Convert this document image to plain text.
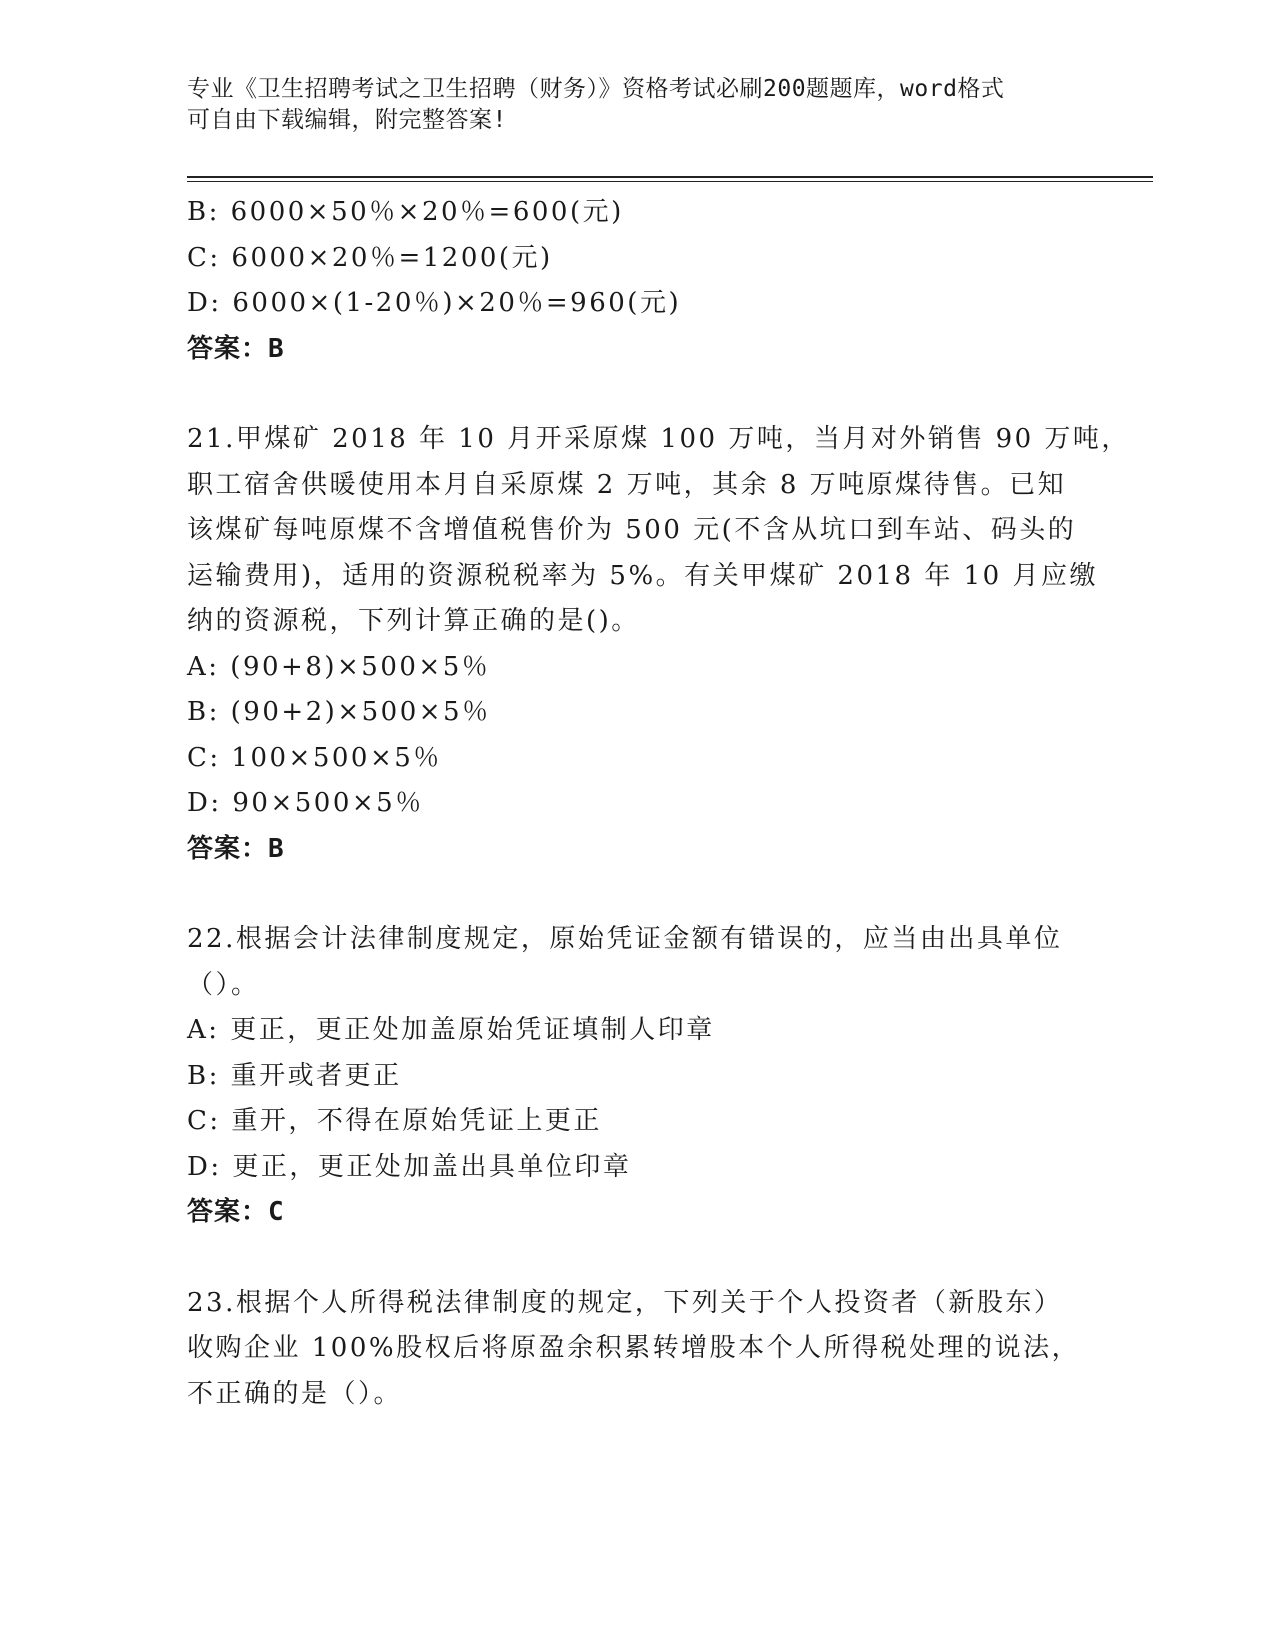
专业《卫生招聘考试之卫生招聘（财务）》资格考试必刷200题题库，word格式
可自由下载编辑，附完整答案!
B: 6000×50％×20％=600(元)
C: 6000×20％=1200(元)
D: 6000×(1-20％)×20％=960(元)
答案：B
21.甲煤矿 2018 年 10 月开采原煤 100 万吨，当月对外销售 90 万吨，
职工宿舍供暖使用本月自采原煤 2 万吨，其余 8 万吨原煤待售。已知
该煤矿每吨原煤不含增值税售价为 500 元(不含从坑口到车站、码头的
运输费用)，适用的资源税税率为 5%。有关甲煤矿 2018 年 10 月应缴
纳的资源税，下列计算正确的是()。
A: (90+8)×500×5％
B: (90+2)×500×5％
C: 100×500×5％
D: 90×500×5％
答案：B
22.根据会计法律制度规定，原始凭证金额有错误的，应当由出具单位
（）。
A: 更正，更正处加盖原始凭证填制人印章
B: 重开或者更正
C: 重开，不得在原始凭证上更正
D: 更正，更正处加盖出具单位印章
答案：C
23.根据个人所得税法律制度的规定，下列关于个人投资者（新股东）
收购企业 100%股权后将原盈余积累转增股本个人所得税处理的说法，
不正确的是（）。
